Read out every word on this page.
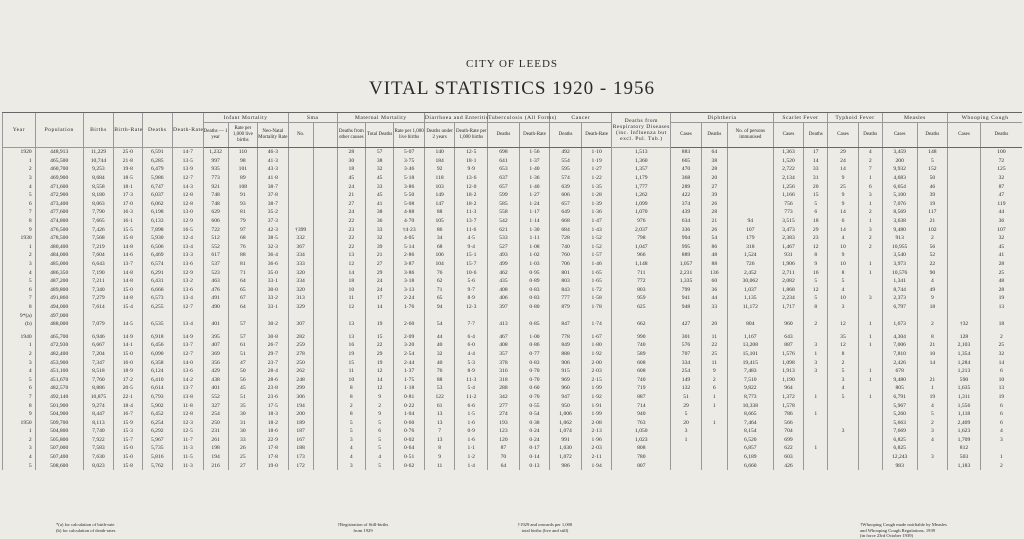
CITY OF LEEDS
VITAL STATISTICS 1920 - 1956
Year	Population	Births	Birth-Rate	Deaths	Death-Rate	Infant Mortality			Sma		Maternal Mortality			Diarrhoea and Enteritis		Tuberculosis (All Forms)		Cancer		Deaths from Respiratory Diseases (inc. Influenza but excl. Pul. Tub.)	Diphtheria			Scarlet Fever		Typhoid Fever		Measles		Whooping Cough	
						Deaths — 1 year	Rate per 1,000 live births	Neo-Natal Mortality Rate	No.		Deaths from other causes	Total Deaths	Rate per 1,000 live births	Deaths under 2 years	Death-Rate per 1,000 births	Deaths	Death-Rate	Deaths	Death-Rate		Cases	Deaths	No. of persons immunised	Cases	Deaths	Cases	Deaths	Cases	Deaths	Cases	Deaths
1920	448,913	11,229	25·0	6,591	14·7	1,232	110	46·3			28	57	5·07	140	12·5	698	1·56	492	1·10	1,513	883	64		1,363	17	29	4	3,459	148		100
1	465,500	10,744	21·8	6,285	13·5	997	98	41·3			30	38	3·75	184	18·1	641	1·37	554	1·19	1,360	665	38		1,520	14	24	2	200	5		72
2	460,700	9,253	19·8	6,479	13·9	935	101	43·3			18	32	3·46	92	9·9	653	1·40	595	1·27	1,357	470	28		2,722	33	14	7	9,932	152		125
3	469,900	8,684	18·5	5,986	12·7	773	89	41·8			45	45	5·18	118	13·6	637	1·36	574	1·22	1,179	368	20		2,134	31	9	1	4,683	50		32
4	471,600	8,558	18·1	6,747	14·3	921	108	38·7			24	33	3·86	103	12·0	657	1·40	639	1·35	1,777	289	27		1,256	20	25	6	6,654	46		87
5	472,900	8,180	17·3	6,037	12·8	748	91	37·8			21	45	5·50	149	18·2	599	1·27	606	1·28	1,262	422	39		1,166	15	9	3	5,100	39		47
6	473,400	8,063	17·0	6,062	12·8	748	93	38·7			27	41	5·08	147	18·2	585	1·24	657	1·39	1,099	374	26		756	5	9	1	7,076	19		119
7	477,600	7,790	16·3	6,198	13·0	629	81	35·2			24	38	4·88	88	11·3	558	1·17	649	1·36	1,070	439	28		773	6	14	2	8,569	117		44
8	474,800	7,665	16·1	6,133	12·9	606	79	37·3			22	36	4·70	105	13·7	542	1·14	668	1·47	976	634	21	94	3,515	18	6	1	3,638	21		36
9	476,500	7,426	15·5	7,898	16·5	722	97	42·3	†399		23	33	†4·23	86	11·6	621	1·30	684	1·43	2,037	336	26	107	3,473	29	14	3	9,480	102		107
1930	478,500	7,568	15·8	5,930	12·4	512	68	38·5	332		22	32	4·05	34	4·5	533	1·11	728	1·52	798	994	54	179	2,383	23	4	2	913	2		32
1	480,400	7,219	14·8	6,506	13·4	552	76	32·3	367		22	39	5·14	68	9·4	527	1·08	740	1·52	1,047	995	86	318	1,467	12	10	2	10,955	56		45
2	484,000	7,604	14·6	6,469	13·3	617	88	36·4	334		13	21	2·86	106	15·1	493	1·02	760	1·57	966	889	48	1,524	931	8	9		3,540	52		41
3	485,000	6,643	13·7	6,574	13·6	537	81	36·6	333		12	27	3·87	104	15·7	499	1·03	706	1·46	1,148	1,057	88	726	1,906	9	10	1	3,973	22		28
4	486,350	7,190	14·8	6,291	12·9	523	71	35·0	320		14	29	3·86	76	10·6	462	0·95	801	1·65	711	2,231	136	2,452	2,711	16	8	1	10,576	90		25
5	487,200	7,211	14·8	6,431	13·2	463	64	33·1	334		18	24	3·18	62	5·6	435	0·89	803	1·65	772	1,335	60	30,062	2,082	5	5		1,341	4		48
6	489,800	7,340	15·0	6,666	13·6	476	65	30·0	320		10	24	3·13	71	9·7	408	0·83	843	1·72	803	799	36	1,037	1,868	12	4		8,744	49		28
7	491,860	7,279	14·8	6,573	13·4	491	67	33·2	313		11	17	2·24	65	8·9	406	0·83	777	1·58	959	941	44	1,135	2,234	5	10	3	2,373	9		19
8	494,000	7,614	15·4	6,255	12·7	490	64	33·1	329		12	14	1·76	94	12·3	397	0·80	879	1·78	625	948	33	11,172	1,717	8	3		6,797	18		13
9*(a)	497,000																														
(b)	488,000	7,079	14·5	6,535	13·4	401	57	30·2	307		13	19	2·60	54	7·7	413	0·85	847	1·74	662	427	20	804	960	2	12	1	1,673	2	†32	18

1940	465,700	6,946	14·9	6,918	14·9	395	57	30·8	282		13	15	2·09	44	6·4	467	1·00	778	1·67	990	301	11	1,167	643		35	1	4,304	8	128	2
1	472,930	6,667	14·1	6,456	13·7	407	61	26·7	259		16	22	3·20	40	6·0	408	0·86	849	1·80	740	576	22	13,208	887	3	12	1	7,006	21	2,103	25
2	482,400	7,204	15·0	6,090	12·7	369	51	29·7	278		19	29	2·54	32	4·4	357	0·77	888	1·92	589	707	25	15,101	1,576	1	8		7,810	10	1,354	32
3	453,900	7,347	16·0	6,358	14·0	356	47	23·7	250		15	19	2·44	40	5·3	378	0·83	906	2·00	608	334	11	19,415	1,098	3	2		2,426	14	1,284	14
4	451,100	8,518	18·9	6,124	13·6	429	50	28·4	262		11	12	1·37	76	8·9	316	0·70	915	2·03	608	254	9	7,483	1,913	3	5	1	678		1,213	6
5	451,670	7,760	17·2	6,410	14·2	438	56	28·6	248		10	14	1·75	88	11·3	318	0·70	969	2·15	740	149	2	7,510	1,190		3	1	9,480	21	590	10
6	482,570	8,886	20·5	6,614	13·7	401	45	23·8	299		8	12	1·18	53	5·4	288	0·60	960	1·99	719	132	6	9,822	964		4		805	1	1,635	13
7	492,140	10,875	22·1	6,793	13·8	552	51	23·6	306		8	9	0·81	122	11·2	342	0·70	947	1·92	887	51	1	8,773	1,372	1	5	1	6,791	19	1,311	19
8	501,900	9,274	18·4	5,902	11·8	327	35	17·5	194		2	2	0·22	61	6·6	277	0·55	950	1·91	714	29	1	10,338	1,578				5,967	4	1,556	6
9	504,900	8,447	16·7	6,452	12·8	254	30	18·3	200		8	9	1·04	13	1·5	274	0·54	1,006	1·99	940	5		8,665	786	1			5,260	5	1,118	6
1950	509,700	8,113	15·9	6,254	12·3	250	31	18·2	189		5	5	0·60	13	1·6	193	0·38	1,062	2·08	763	20	1	7,464	566				5,663	2	2,409	6
1	504,800	7,740	15·3	6,292	12·5	231	30	18·6	187		5	6	0·76	7	0·9	123	0·24	1,074	2·13	1,050	3		8,154	704		3		7,669	3	1,623	4
2	505,800	7,922	15·7	5,967	11·7	261	33	22·9	167		3	5	0·02	13	1·6	120	0·24	991	1·96	1,023	1		6,520	699				6,825	4	1,709	3
3	507,000	7,583	15·0	5,735	11·3	198	26	17·8	188		4	5	0·64	8	1·1	87	0·17	1,030	2·03	808			6,857	622	1			6,825		812	
4	507,400	7,630	15·0	5,816	11·5	194	25	17·8	173		4	4	0·51	9	1·2	70	0·14	1,072	2·11	780			6,189	603				12,243	3	503	1
5	508,600	8,023	15·8	5,762	11·3	216	27	19·0	172		3	5	0·62	11	1·4	64	0·13	986	1·94	807			6,660	426				983		1,183	2
*(a) for calculation of birth-rate
(b) for calculation of death-rates
†Registration of Still-births
from 1929
†1929 and onwards per 1,000
total births (live and still)
†Whooping Cough made notifiable by Measles
and Whooping Cough Regulations, 1939
(in force 23rd October 1939)
